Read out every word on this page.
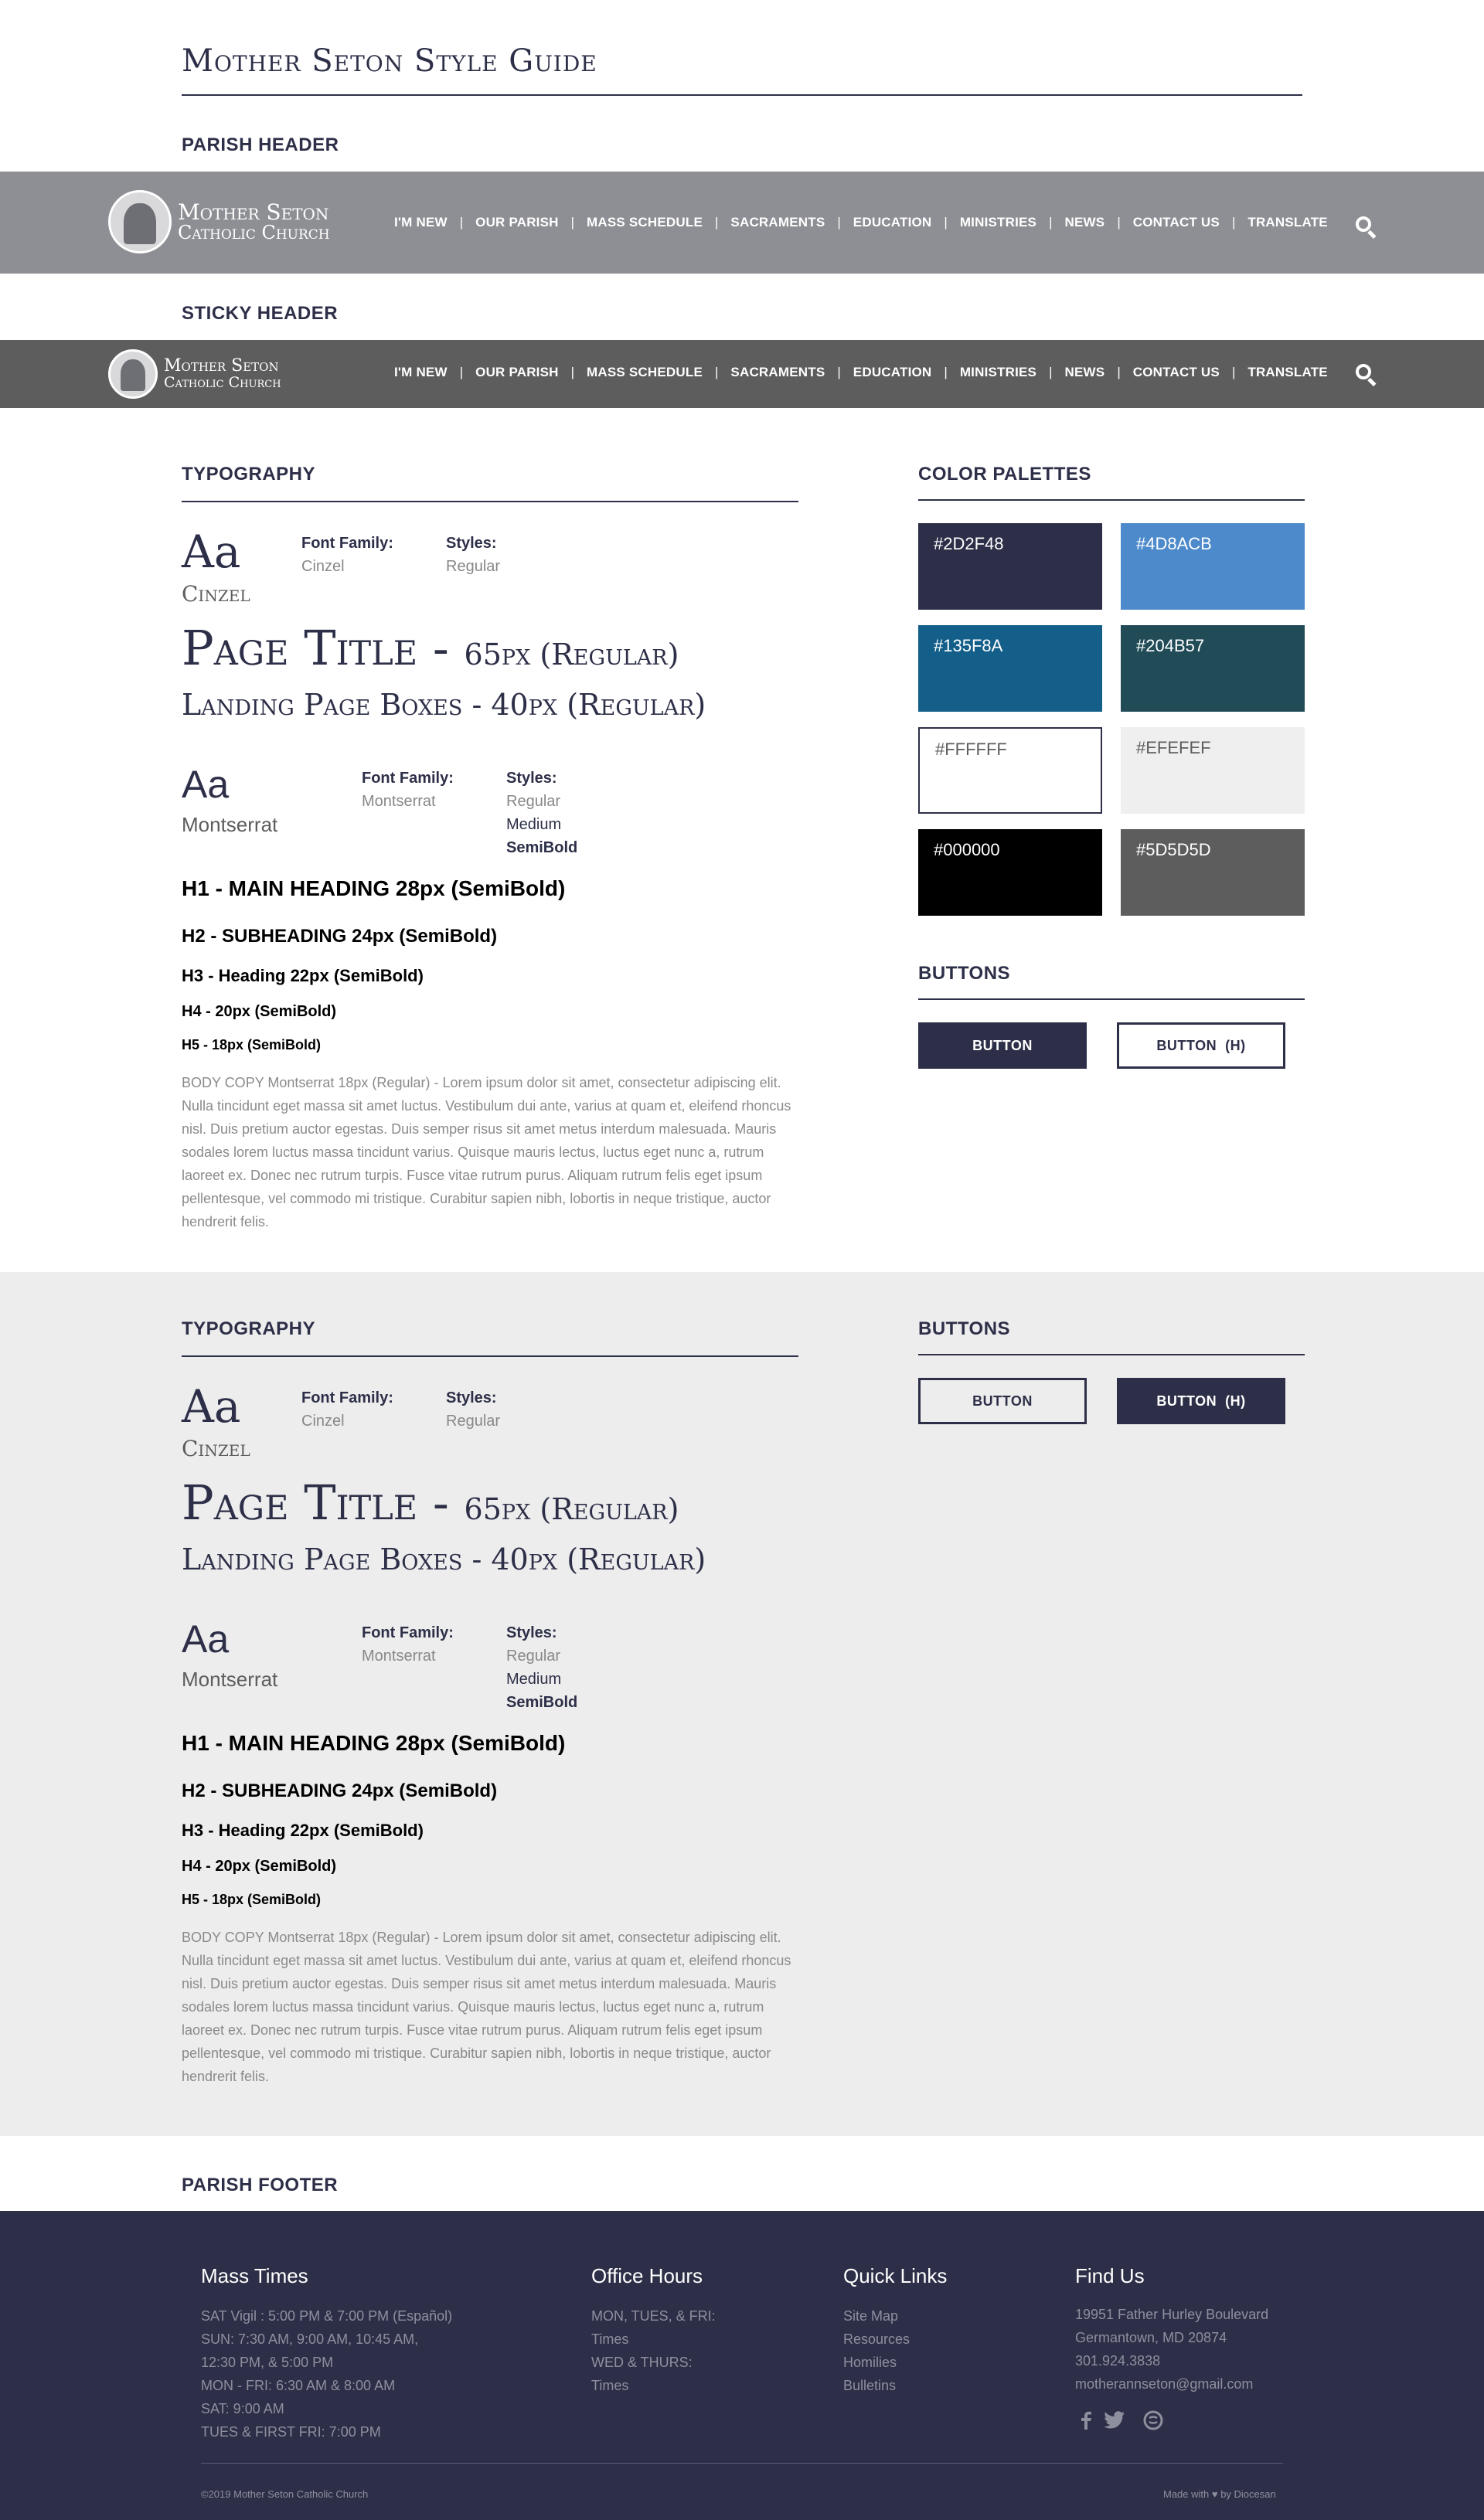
Mother Seton Style Guide
PARISH HEADER
Mother Seton
Catholic Church	I'M NEW | OUR PARISH | MASS SCHEDULE | SACRAMENTS | EDUCATION | MINISTRIES | NEWS | CONTACT US | TRANSLATE
STICKY HEADER
Mother Seton
Catholic Church
I'M NEW | OUR PARISH | MASS SCHEDULE | SACRAMENTS | EDUCATION | MINISTRIES | NEWS | CONTACT US | TRANSLATE
TYPOGRAPHY
Aa
Cinzel
Font Family:
Cinzel
Styles:
Regular
Page Title - 65px (Regular)
Landing Page Boxes - 40px (Regular)
Aa
Montserrat
Font Family:
Montserrat
Styles:
Regular
Medium
SemiBold
H1 - MAIN HEADING 28px (SemiBold)
H2 - SUBHEADING 24px (SemiBold)
H3 - Heading 22px (SemiBold)
H4 - 20px (SemiBold)
H5 - 18px (SemiBold)
BODY COPY Montserrat 18px (Regular) - Lorem ipsum dolor sit amet, consectetur adipiscing elit. Nulla tincidunt eget massa sit amet luctus. Vestibulum dui ante, varius at quam et, eleifend rhoncus nisl. Duis pretium auctor egestas. Duis semper risus sit amet metus interdum malesuada. Mauris sodales lorem luctus massa tincidunt varius. Quisque mauris lectus, luctus eget nunc a, rutrum laoreet ex. Donec nec rutrum turpis. Fusce vitae rutrum purus. Aliquam rutrum felis eget ipsum pellentesque, vel commodo mi tristique. Curabitur sapien nibh, lobortis in neque tristique, auctor hendrerit felis.
COLOR PALETTES
#2D2F48	#4D8ACB
#135F8A	#204B57
#FFFFFF	#EFEFEF
#000000	#5D5D5D
BUTTONS
BUTTON	BUTTON  (H)
TYPOGRAPHY
Aa
Cinzel
Font Family:
Cinzel
Styles:
Regular
Page Title - 65px (Regular)
Landing Page Boxes - 40px (Regular)
Aa
Montserrat
Font Family:
Montserrat
Styles:
Regular
Medium
SemiBold
H1 - MAIN HEADING 28px (SemiBold)
H2 - SUBHEADING 24px (SemiBold)
H3 - Heading 22px (SemiBold)
H4 - 20px (SemiBold)
H5 - 18px (SemiBold)
BODY COPY Montserrat 18px (Regular) - Lorem ipsum dolor sit amet, consectetur adipiscing elit. Nulla tincidunt eget massa sit amet luctus. Vestibulum dui ante, varius at quam et, eleifend rhoncus nisl. Duis pretium auctor egestas. Duis semper risus sit amet metus interdum malesuada. Mauris sodales lorem luctus massa tincidunt varius. Quisque mauris lectus, luctus eget nunc a, rutrum laoreet ex. Donec nec rutrum turpis. Fusce vitae rutrum purus. Aliquam rutrum felis eget ipsum pellentesque, vel commodo mi tristique. Curabitur sapien nibh, lobortis in neque tristique, auctor hendrerit felis.
BUTTONS
BUTTON	BUTTON  (H)
PARISH FOOTER
Mass Times
SAT Vigil : 5:00 PM & 7:00 PM (Español)
SUN: 7:30 AM, 9:00 AM, 10:45 AM,
12:30 PM, & 5:00 PM
MON - FRI: 6:30 AM & 8:00 AM
SAT: 9:00 AM
TUES & FIRST FRI: 7:00 PM
Office Hours
MON, TUES, & FRI:
Times
WED & THURS:
Times
Quick Links
Site Map
Resources
Homilies
Bulletins
Find Us
19951 Father Hurley Boulevard
Germantown, MD 20874
301.924.3838
motherannseton@gmail.com
©2019 Mother Seton Catholic Church	Made with ♥ by Diocesan
